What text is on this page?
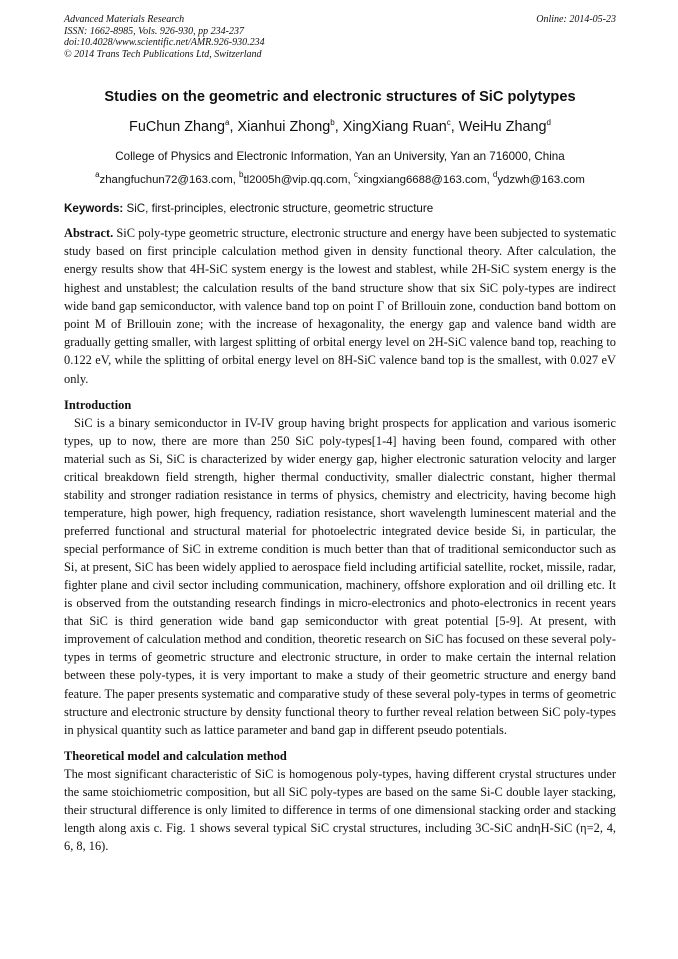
Advanced Materials Research
ISSN: 1662-8985, Vols. 926-930, pp 234-237
doi:10.4028/www.scientific.net/AMR.926-930.234
© 2014 Trans Tech Publications Ltd, Switzerland
Online: 2014-05-23
Studies on the geometric and electronic structures of SiC polytypes
FuChun Zhang$^a$, Xianhui Zhong$^b$, XingXiang Ruan$^c$, WeiHu Zhang$^d$
College of Physics and Electronic Information, Yan an University, Yan an 716000, China
$^a$zhangfuchun72@163.com, $^b$tl2005h@vip.qq.com, $^c$xingxiang6688@163.com, $^d$ydzwh@163.com
Keywords: SiC, first-principles, electronic structure, geometric structure
Abstract. SiC poly-type geometric structure, electronic structure and energy have been subjected to systematic study based on first principle calculation method given in density functional theory. After calculation, the energy results show that 4H-SiC system energy is the lowest and stablest, while 2H-SiC system energy is the highest and unstablest; the calculation results of the band structure show that six SiC poly-types are indirect wide band gap semiconductor, with valence band top on point Γ of Brillouin zone, conduction band bottom on point M of Brillouin zone; with the increase of hexagonality, the energy gap and valence band width are gradually getting smaller, with largest splitting of orbital energy level on 2H-SiC valence band top, reaching to 0.122 eV, while the splitting of orbital energy level on 8H-SiC valence band top is the smallest, with 0.027 eV only.
Introduction
SiC is a binary semiconductor in IV-IV group having bright prospects for application and various isomeric types, up to now, there are more than 250 SiC poly-types[1-4] having been found, compared with other material such as Si, SiC is characterized by wider energy gap, higher electronic saturation velocity and larger critical breakdown field strength, higher thermal conductivity, smaller dialectric constant, higher thermal stability and stronger radiation resistance in terms of physics, chemistry and electricity, having become high temperature, high power, high frequency, radiation resistance, short wavelength luminescent material and the preferred functional and structural material for photoelectric integrated device beside Si, in particular, the special performance of SiC in extreme condition is much better than that of traditional semiconductor such as Si, at present, SiC has been widely applied to aerospace field including artificial satellite, rocket, missile, radar, fighter plane and civil sector including communication, machinery, offshore exploration and oil drilling etc. It is observed from the outstanding research findings in micro-electronics and photo-electronics in recent years that SiC is third generation wide band gap semiconductor with great potential [5-9]. At present, with improvement of calculation method and condition, theoretic research on SiC has focused on these several poly-types in terms of geometric structure and electronic structure, in order to make certain the internal relation between these poly-types, it is very important to make a study of their geometric structure and energy band feature. The paper presents systematic and comparative study of these several poly-types in terms of geometric structure and electronic structure by density functional theory to further reveal relation between SiC poly-types in physical quantity such as lattice parameter and band gap in different pseudo potentials.
Theoretical model and calculation method
The most significant characteristic of SiC is homogenous poly-types, having different crystal structures under the same stoichiometric composition, but all SiC poly-types are based on the same Si-C double layer stacking, their structural difference is only limited to difference in terms of one dimensional stacking order and stacking length along axis c. Fig. 1 shows several typical SiC crystal structures, including 3C-SiC andηH-SiC (η=2, 4, 6, 8, 16).
